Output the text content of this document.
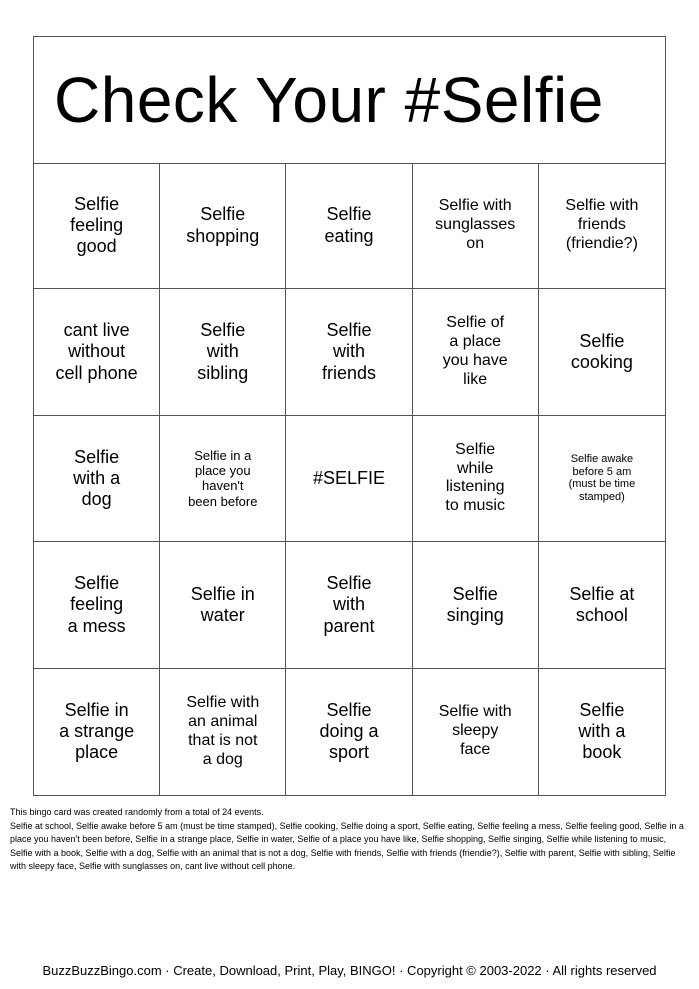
Check Your #Selfie
Selfie
feeling
good
Selfie
shopping
Selfie
eating
Selfie with
sunglasses
on
Selfie with
friends
(friendie?)
cant live
without
cell phone
Selfie
with
sibling
Selfie
with
friends
Selfie of
a place
you have
like
Selfie
cooking
Selfie
with a
dog
Selfie in a
place you
haven't
been before
#SELFIE
Selfie
while
listening
to music
Selfie awake
before 5 am
(must be time
stamped)
Selfie
feeling
a mess
Selfie in
water
Selfie
with
parent
Selfie
singing
Selfie at
school
Selfie in
a strange
place
Selfie with
an animal
that is not
a dog
Selfie
doing a
sport
Selfie with
sleepy
face
Selfie
with a
book

This bingo card was created randomly from a total of 24 events.

Selfie at school, Selfie awake before 5 am (must be time stamped), Selfie cooking, Selfie doing a sport, Selfie eating, Selfie feeling a mess, Selfie feeling good, Selfie in a place you haven't been before, Selfie in a strange place, Selfie in water, Selfie of a place you have like, Selfie shopping, Selfie singing, Selfie while listening to music, Selfie with a book, Selfie with a dog, Selfie with an animal that is not a dog, Selfie with friends, Selfie with friends (friendie?), Selfie with parent, Selfie with sibling, Selfie with sleepy face, Selfie with sunglasses on, cant live without cell phone.

BuzzBuzzBingo.com · Create, Download, Print, Play, BINGO! · Copyright © 2003-2022 · All rights reserved
